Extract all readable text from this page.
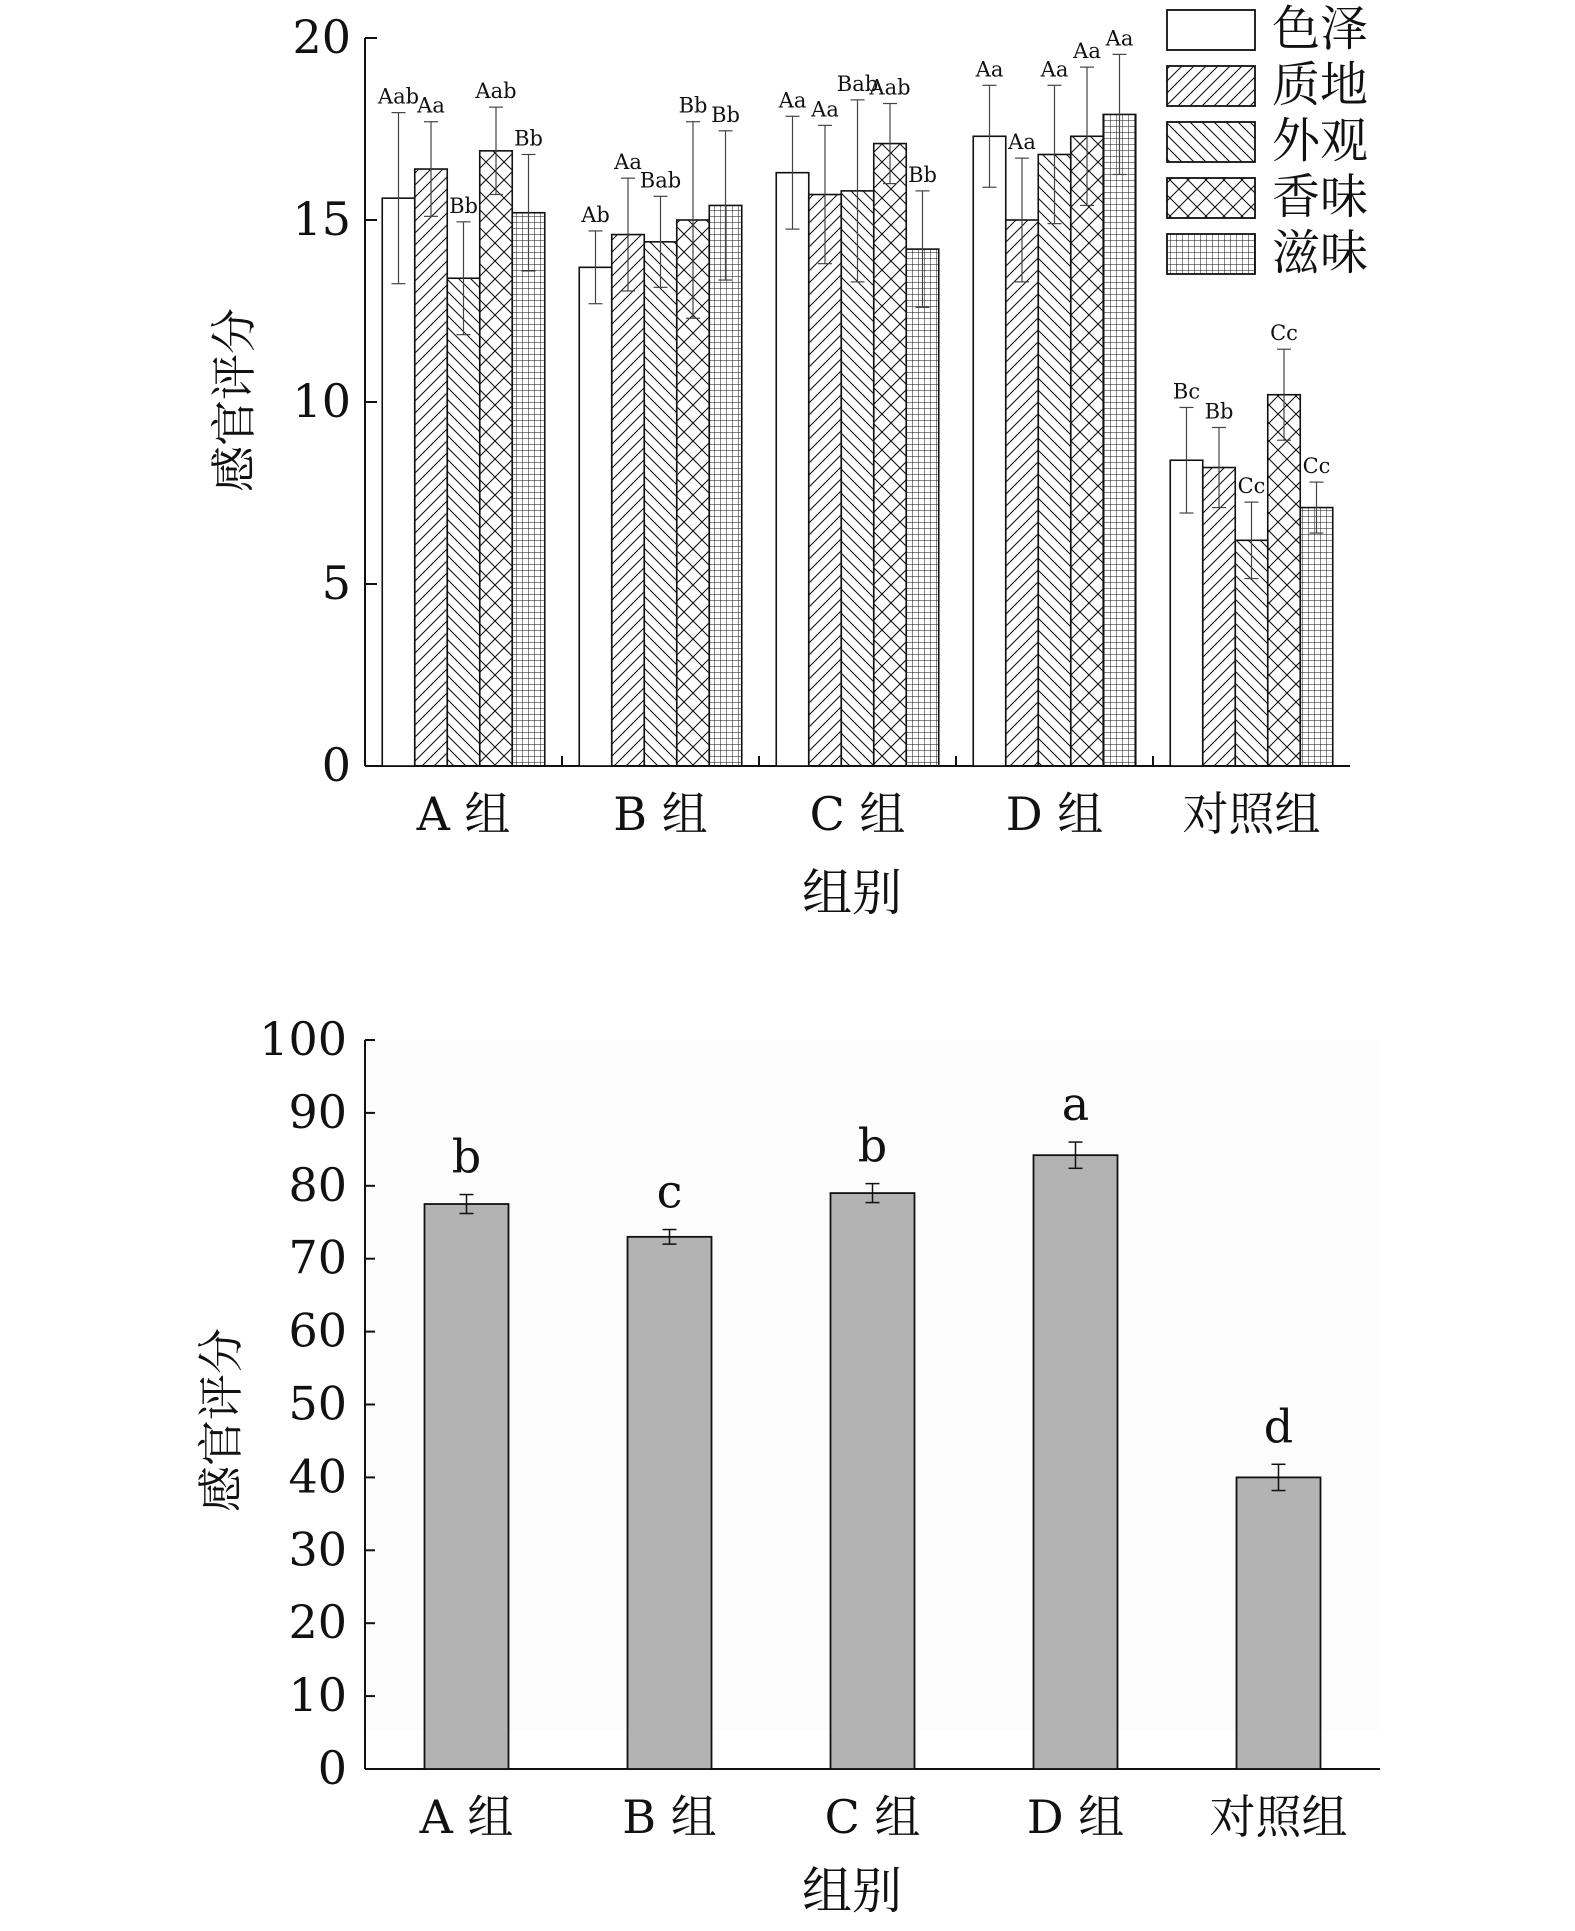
感官评分
组别
0
5
10
15
20
A 组
Aab
Aa
Bb
Aab
Bb
B 组
Ab
Aa
Bab
Bb Bb
C 组
Aa Aa
Bab
Aab
Bb
D 组
Aa
Aa
Aa
Aa
Aa
对照组
Bc
Bb
Cc
Cc
Cc
色泽
质地
外观
香味
滋味
感官评分
组别
0
10
20
30
40
50
60
70
80
90
100
b
A 组
c
B 组
b
C 组
a
D 组
d
对照组
